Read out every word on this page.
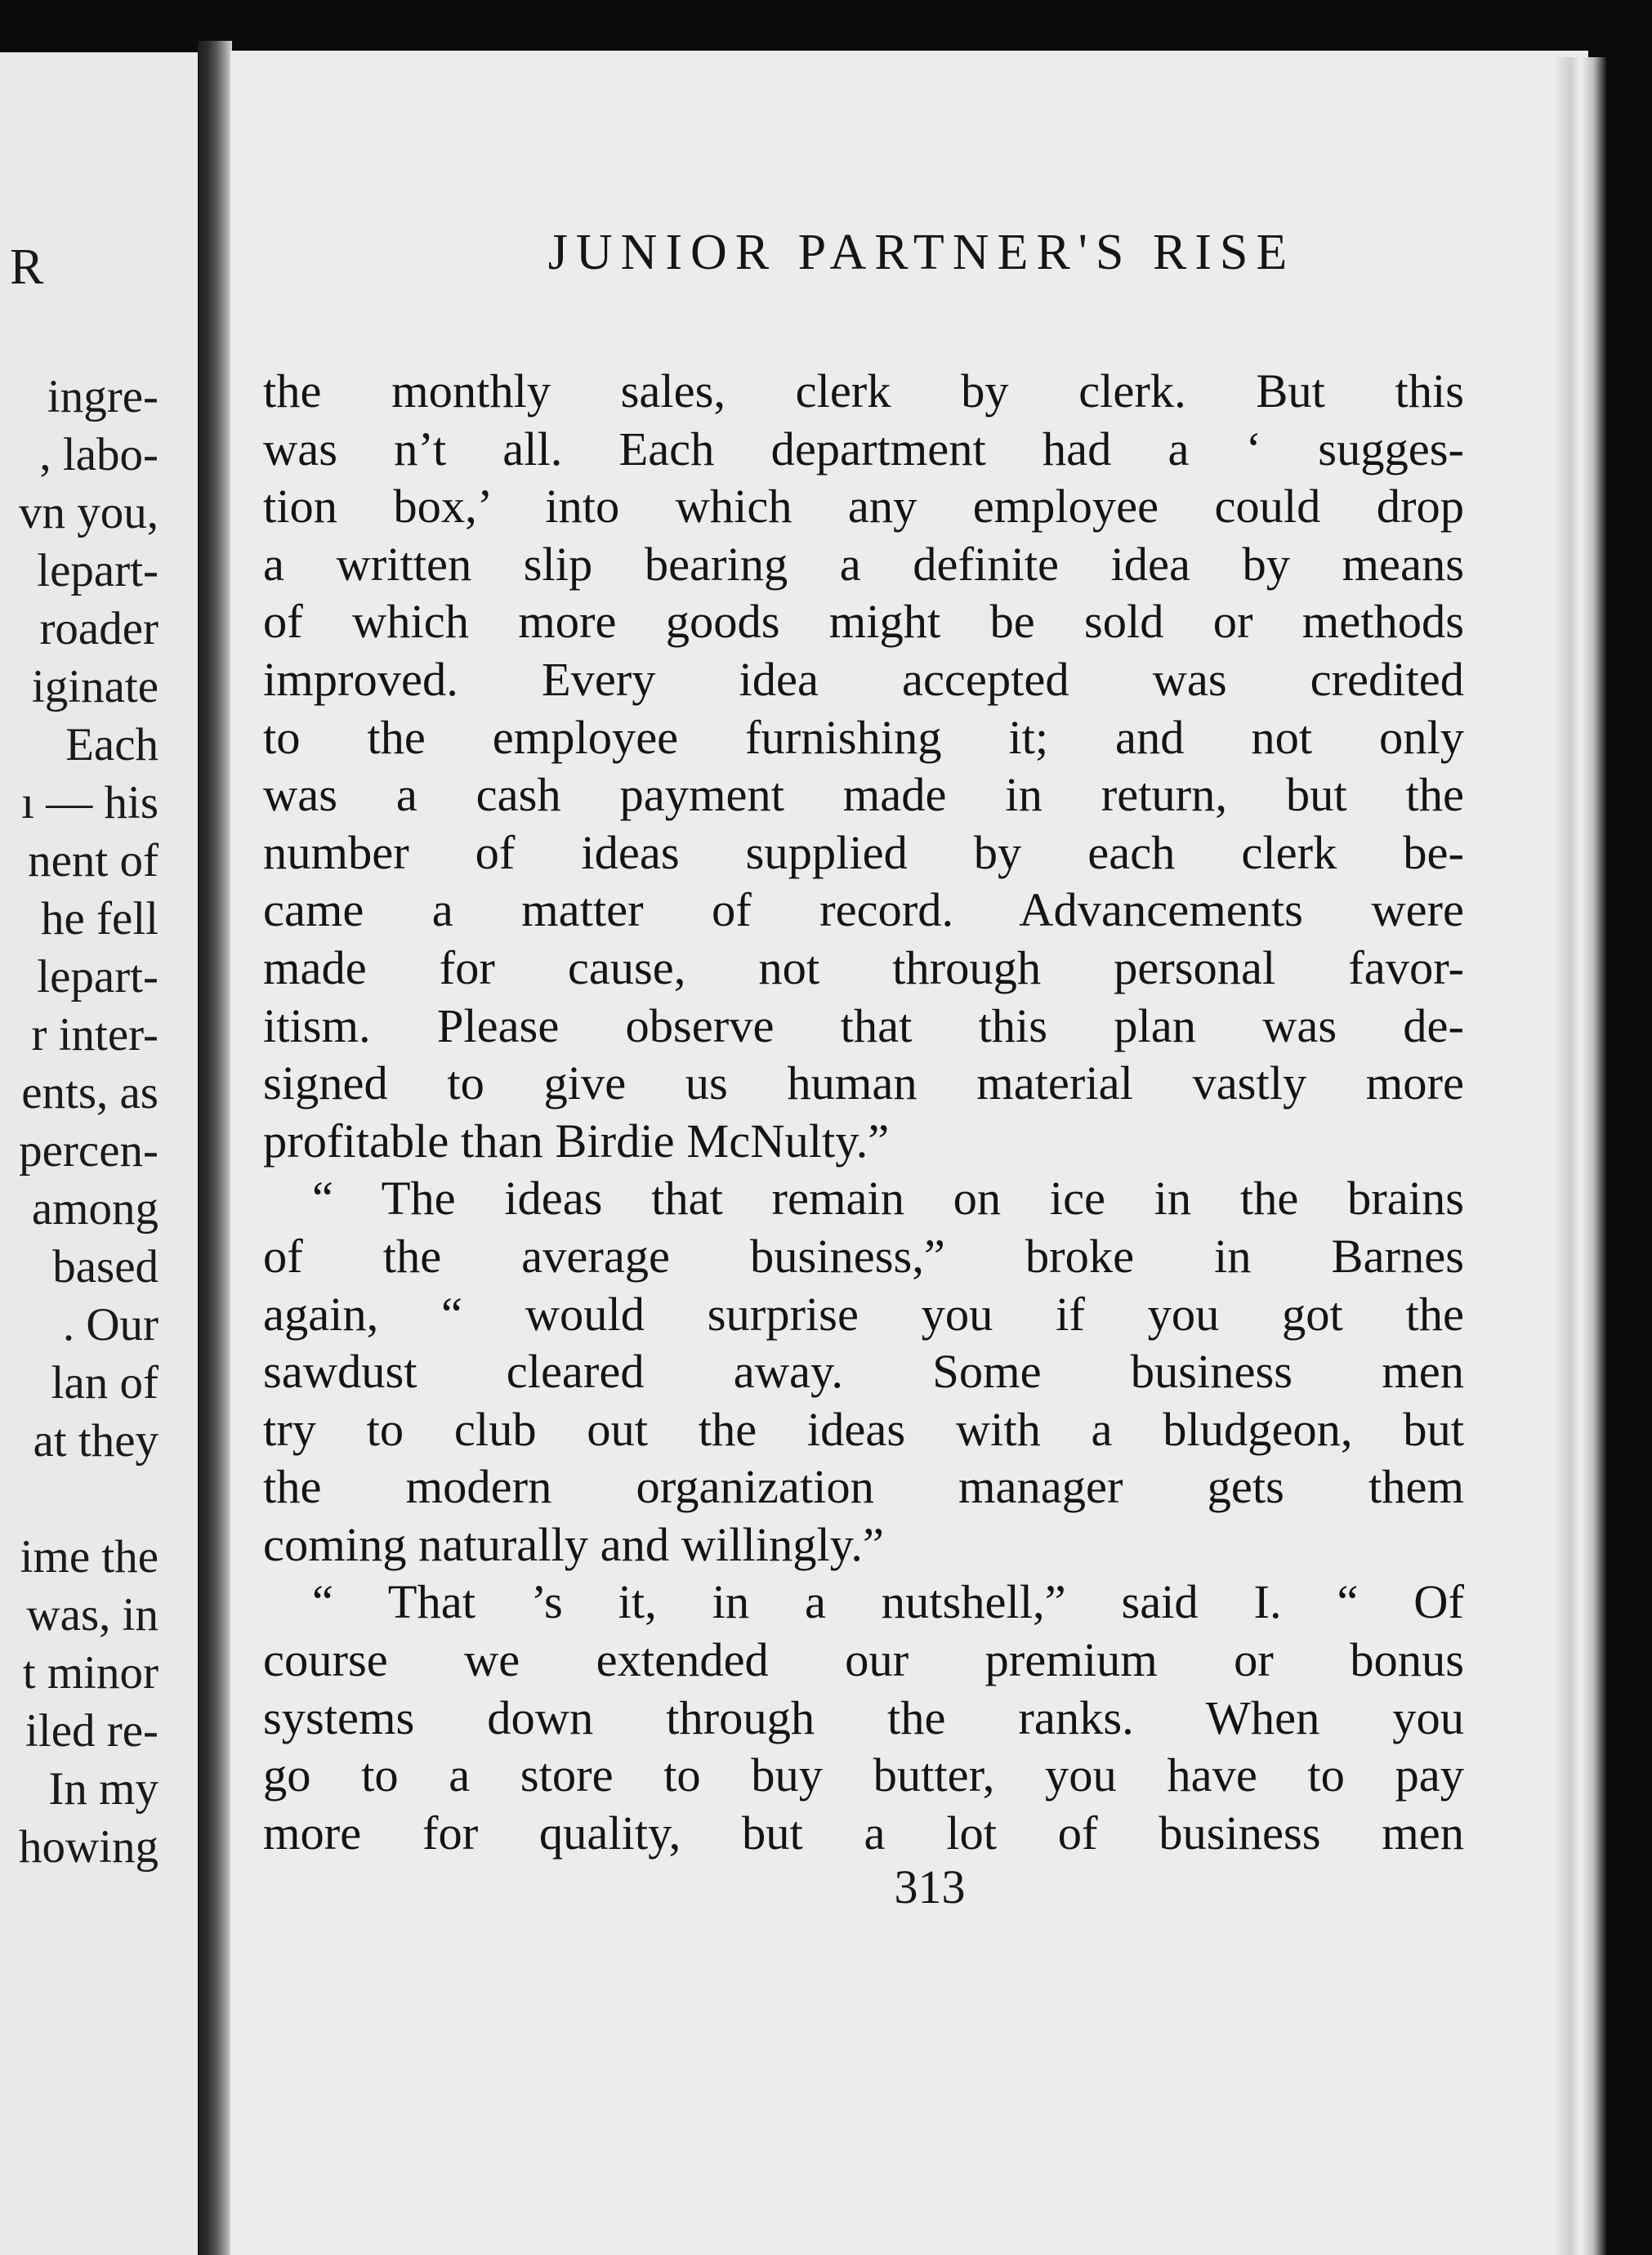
R
ingre-
, labo-
vn you,
lepart-
roader
iginate
Each
ı — his
nent of
he fell
lepart-
r inter-
ents, as
percen-
among
based
. Our
lan of
at they
ime the
was, in
t minor
iled re-
In my
howing
JUNIOR PARTNER'S RISE
the monthly sales, clerk by clerk. But this
was n’t all. Each department had a ‘ sugges-
tion box,’ into which any employee could drop
a written slip bearing a definite idea by means
of which more goods might be sold or methods
improved. Every idea accepted was credited
to the employee furnishing it; and not only
was a cash payment made in return, but the
number of ideas supplied by each clerk be-
came a matter of record. Advancements were
made for cause, not through personal favor-
itism. Please observe that this plan was de-
signed to give us human material vastly more
profitable than Birdie McNulty.”
“ The ideas that remain on ice in the brains
of the average business,” broke in Barnes
again, “ would surprise you if you got the
sawdust cleared away. Some business men
try to club out the ideas with a bludgeon, but
the modern organization manager gets them
coming naturally and willingly.”
“ That ’s it, in a nutshell,” said I. “ Of
course we extended our premium or bonus
systems down through the ranks. When you
go to a store to buy butter, you have to pay
more for quality, but a lot of business men
313
